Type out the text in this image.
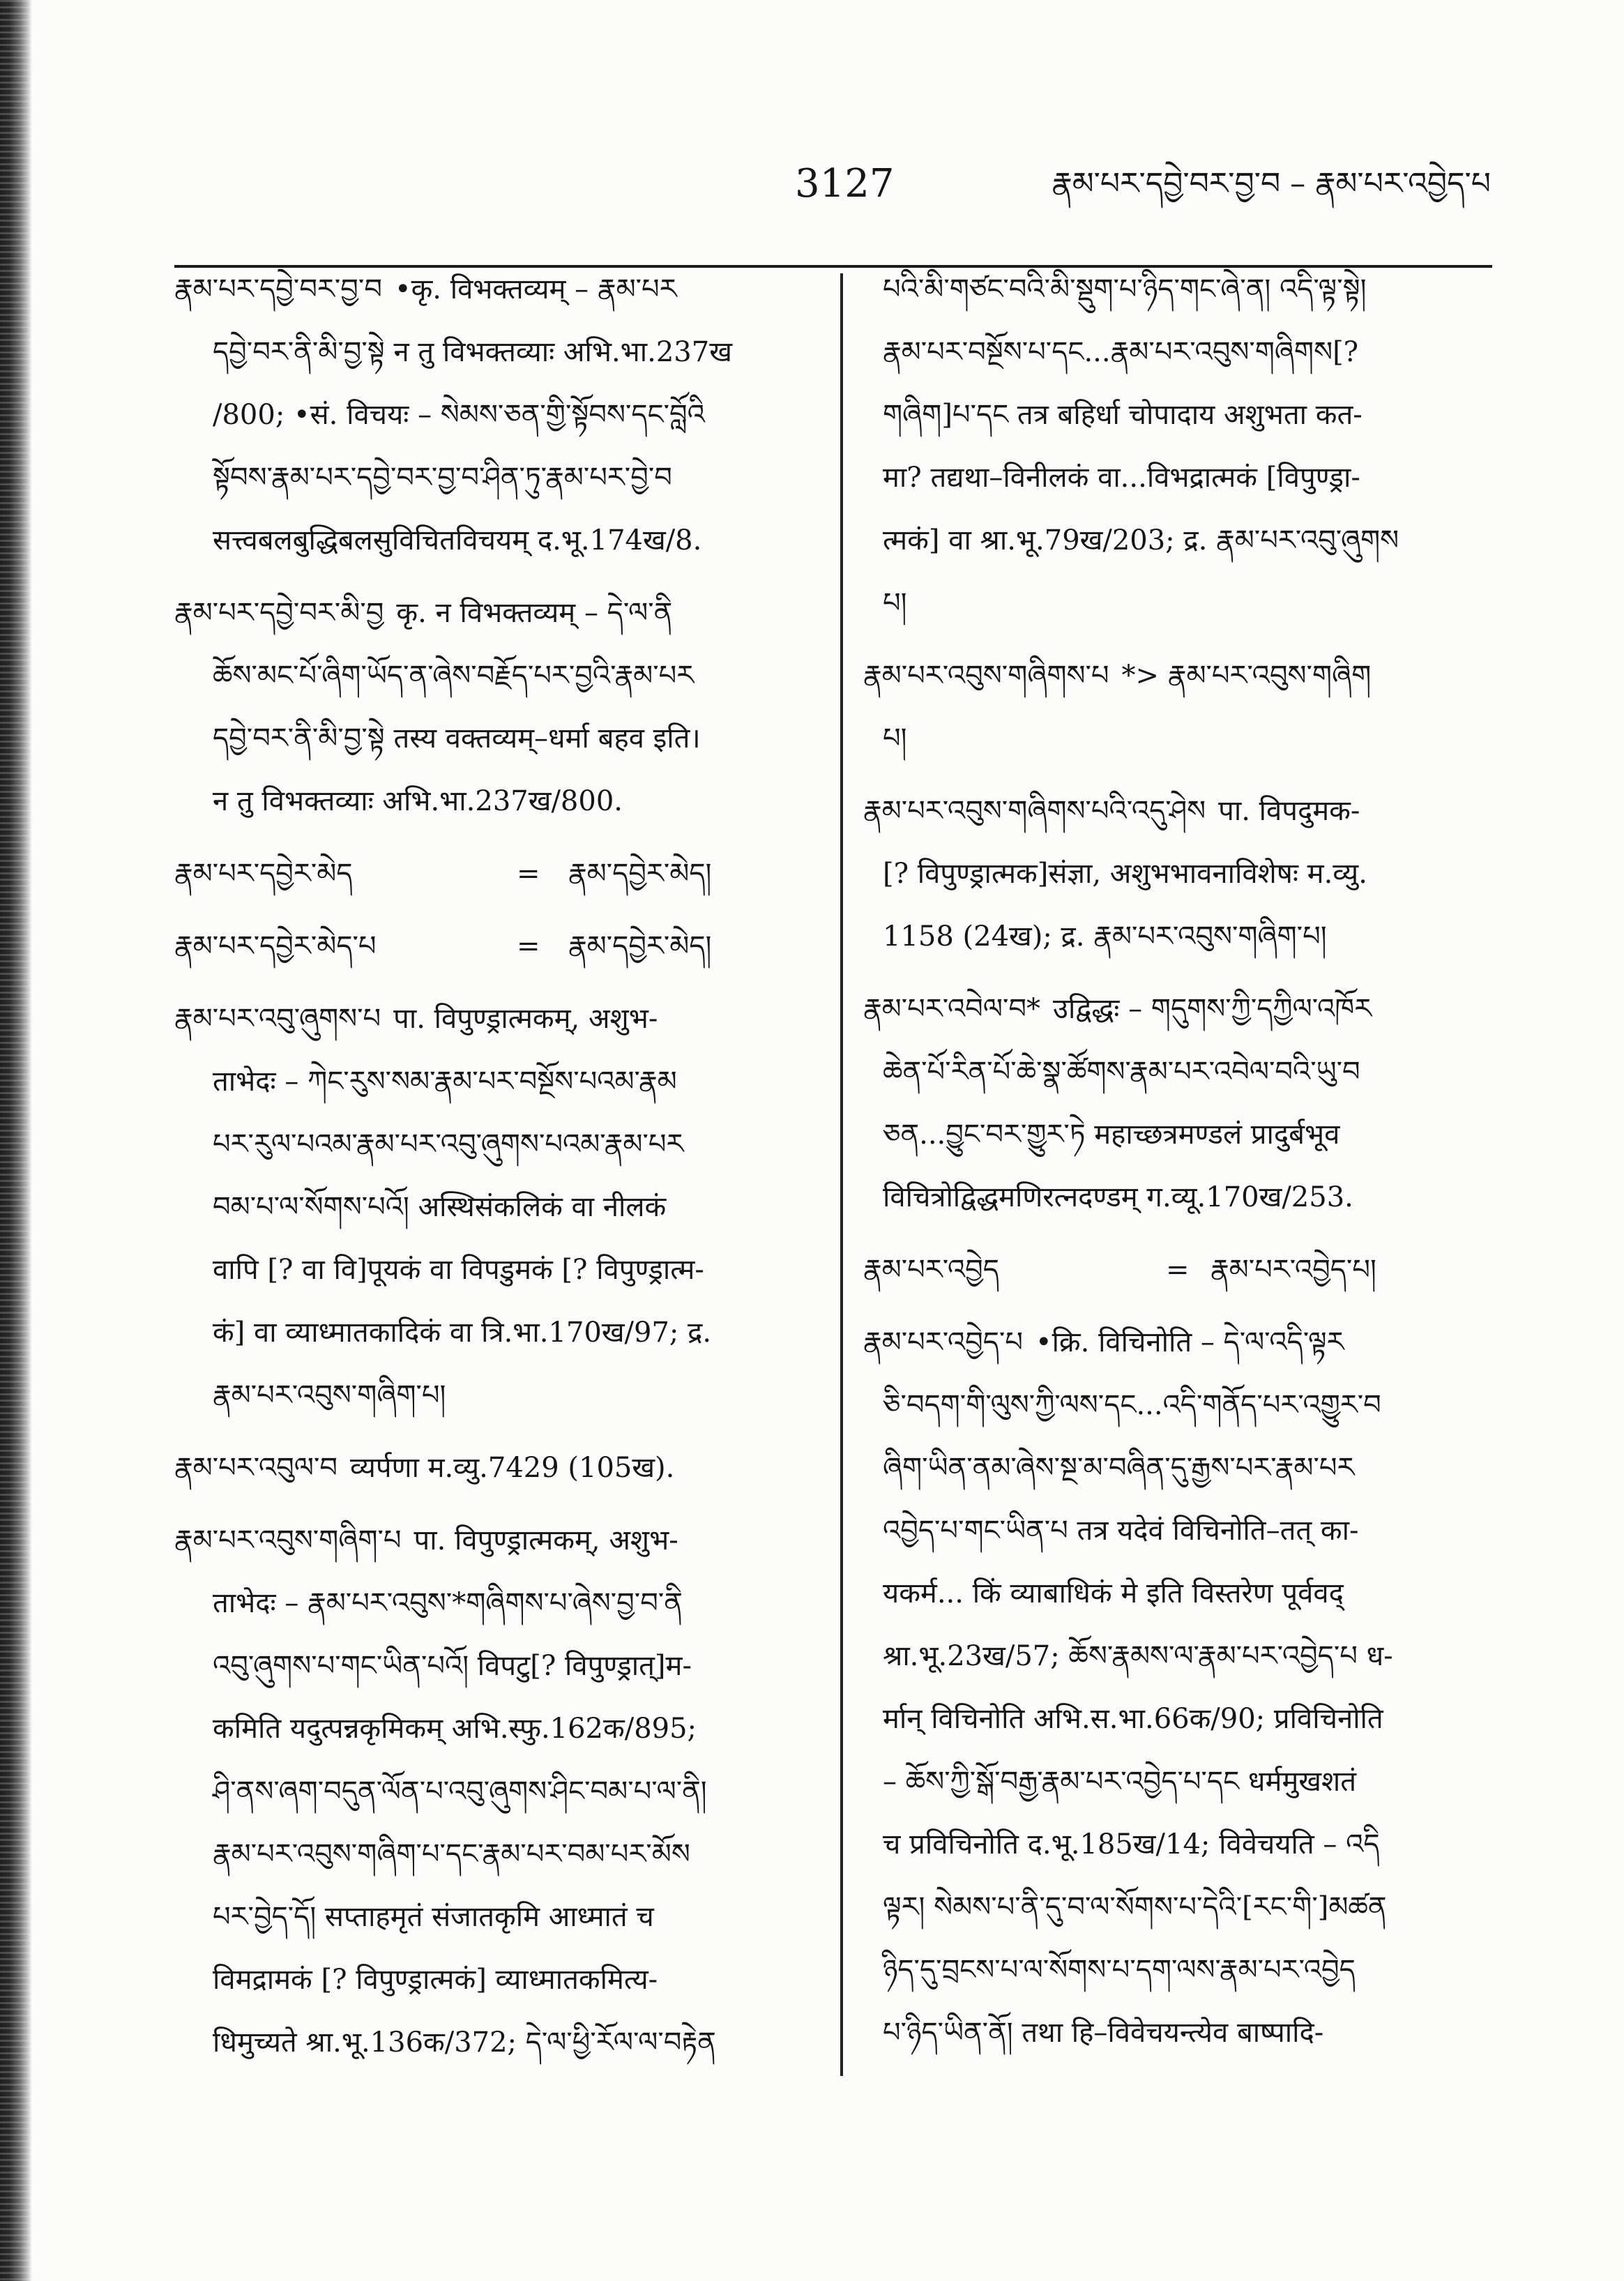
3127	རྣམ་པར་དབྱེ་བར་བྱ་བ – རྣམ་པར་འབྱེད་པ
རྣམ་པར་དབྱེ་བར་བྱ་བ •कृ. विभक्तव्यम् – རྣམ་པར
དབྱེ་བར་ནི་མི་བྱ་སྟེ न तु विभक्तव्याः अभि.भा.237ख
/800; •सं. विचयः – སེམས་ཅན་གྱི་སྟོབས་དང་བློའི
སྟོབས་རྣམ་པར་དབྱེ་བར་བྱ་བ་ཤིན་ཏུ་རྣམ་པར་བྱེ་བ
सत्त्वबलबुद्धिबलसुविचितविचयम् द.भू.174ख/8.
རྣམ་པར་དབྱེ་བར་མི་བྱ कृ. न विभक्तव्यम् – དེ་ལ་ནི
ཆོས་མང་པོ་ཞིག་ཡོད་ན་ཞེས་བརྗོད་པར་བྱའི་རྣམ་པར
དབྱེ་བར་ནི་མི་བྱ་སྟེ तस्य वक्तव्यम्–धर्मा बहव इति।
न तु विभक्तव्याः अभि.भा.237ख/800.
རྣམ་པར་དབྱེར་མེད	= རྣམ་དབྱེར་མེད།
རྣམ་པར་དབྱེར་མེད་པ	= རྣམ་དབྱེར་མེད།
རྣམ་པར་འབུ་ཞུགས་པ पा. विपुण्ड्रात्मकम्, अशुभ-
ताभेदः – ཀེང་རུས་སམ་རྣམ་པར་བསྔོས་པའམ་རྣམ
པར་རུལ་པའམ་རྣམ་པར་འབུ་ཞུགས་པའམ་རྣམ་པར
བམ་པ་ལ་སོགས་པའོ། अस्थिसंकलिकं वा नीलकं
वापि [? वा वि]पूयकं वा विपडुमकं [? विपुण्ड्रात्म-
कं] वा व्याध्मातकादिकं वा त्रि.भा.170ख/97; द्र.
རྣམ་པར་འབུས་གཞིག་པ།
རྣམ་པར་འབུལ་བ व्यर्पणा म.व्यु.7429 (105ख).
རྣམ་པར་འབུས་གཞིག་པ पा. विपुण्ड्रात्मकम्, अशुभ-
ताभेदः – རྣམ་པར་འབུས་*གཞིགས་པ་ཞེས་བྱ་བ་ནི
འབུ་ཞུགས་པ་གང་ཡིན་པའོ། विपटु[? विपुण्ड्रात्]म-
कमिति यदुत्पन्नकृमिकम् अभि.स्फु.162क/895;
ཤི་ནས་ཞག་བདུན་ལོན་པ་འབུ་ཞུགས་ཤིང་བམ་པ་ལ་ནི།
རྣམ་པར་འབུས་གཞིག་པ་དང་རྣམ་པར་བམ་པར་མོས
པར་བྱེད་དོ། सप्ताहमृतं संजातकृमि आध्मातं च
विमद्रामकं [? विपुण्ड्रात्मकं] व्याध्मातकमित्य-
धिमुच्यते श्रा.भू.136क/372; དེ་ལ་ཕྱི་རོལ་ལ་བརྟེན
པའི་མི་གཙང་བའི་མི་སྡུག་པ་ཉིད་གང་ཞེ་ན། འདི་ལྟ་སྟེ།
རྣམ་པར་བསྔོས་པ་དང...རྣམ་པར་འབུས་གཞིགས[?
གཞིག]པ་དང तत्र बहिर्धा चोपादाय अशुभता कत-
मा? तद्यथा–विनीलकं वा...विभद्रात्मकं [विपुण्ड्रा-
त्मकं] वा श्रा.भू.79ख/203; द्र. རྣམ་པར་འབུ་ཞུགས
པ།
རྣམ་པར་འབུས་གཞིགས་པ *> རྣམ་པར་འབུས་གཞིག
པ།
རྣམ་པར་འབུས་གཞིགས་པའི་འདུ་ཤེས पा. विपदुमक-
[? विपुण्ड्रात्मक]संज्ञा, अशुभभावनाविशेषः म.व्यु.
1158 (24ख); द्र. རྣམ་པར་འབུས་གཞིག་པ།
རྣམ་པར་འབེལ་བ* उद्विद्धः – གདུགས་ཀྱི་དཀྱིལ་འཁོར
ཆེན་པོ་རིན་པོ་ཆེ་སྣ་ཚོགས་རྣམ་པར་འབེལ་བའི་ཡུ་བ
ཅན...བྱུང་བར་གྱུར་ཏེ महाच्छत्रमण्डलं प्रादुर्बभूव
विचित्रोद्विद्धमणिरत्नदण्डम् ग.व्यू.170ख/253.
རྣམ་པར་འབྱེད	= རྣམ་པར་འབྱེད་པ།
རྣམ་པར་འབྱེད་པ •क्रि. विचिनोति – དེ་ལ་འདི་ལྟར
ཅི་བདག་གི་ལུས་ཀྱི་ལས་དང...འདི་གནོད་པར་འགྱུར་བ
ཞིག་ཡིན་ནམ་ཞེས་སྔ་མ་བཞིན་དུ་རྒྱས་པར་རྣམ་པར
འབྱེད་པ་གང་ཡིན་པ तत्र यदेवं विचिनोति–तत् का-
यकर्म... किं व्याबाधिकं मे इति विस्तरेण पूर्ववद्
श्रा.भू.23ख/57; ཆོས་རྣམས་ལ་རྣམ་པར་འབྱེད་པ ध-
र्मान् विचिनोति अभि.स.भा.66क/90; प्रविचिनोति
– ཆོས་ཀྱི་སྒོ་བརྒྱ་རྣམ་པར་འབྱེད་པ་དང धर्ममुखशतं
च प्रविचिनोति द.भू.185ख/14; विवेचयति – འདི
ལྟར། སེམས་པ་ནི་དུ་བ་ལ་སོགས་པ་དེའི་[རང་གི་]མཚན
ཉིད་དུ་བྲངས་པ་ལ་སོགས་པ་དག་ལས་རྣམ་པར་འབྱེད
པ་ཉིད་ཡིན་ནོ། तथा हि–विवेचयन्त्येव बाष्पादि-
